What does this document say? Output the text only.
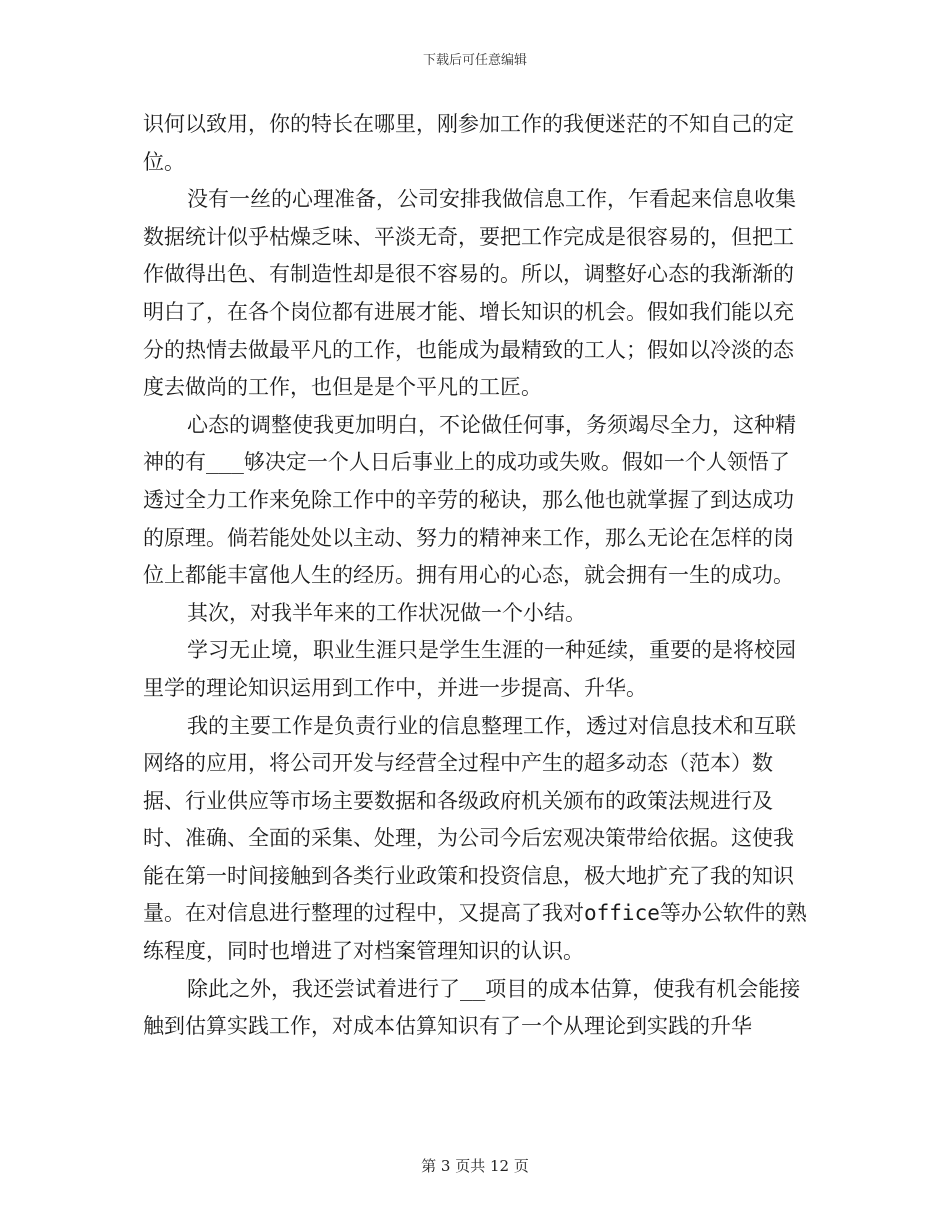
下载后可任意编辑

识何以致用，你的特长在哪里，刚参加工作的我便迷茫的不知自己的定位。

没有一丝的心理准备，公司安排我做信息工作，乍看起来信息收集数据统计似乎枯燥乏味、平淡无奇，要把工作完成是很容易的，但把工作做得出色、有制造性却是很不容易的。所以，调整好心态的我渐渐的明白了，在各个岗位都有进展才能、增长知识的机会。假如我们能以充分的热情去做最平凡的工作，也能成为最精致的工人；假如以冷淡的态度去做尚的工作，也但是是个平凡的工匠。

心态的调整使我更加明白，不论做任何事，务须竭尽全力，这种精神的有___够决定一个人日后事业上的成功或失败。假如一个人领悟了透过全力工作来免除工作中的辛劳的秘诀，那么他也就掌握了到达成功的原理。倘若能处处以主动、努力的精神来工作，那么无论在怎样的岗位上都能丰富他人生的经历。拥有用心的心态，就会拥有一生的成功。

其次，对我半年来的工作状况做一个小结。

学习无止境，职业生涯只是学生生涯的一种延续，重要的是将校园里学的理论知识运用到工作中，并进一步提高、升华。

我的主要工作是负责行业的信息整理工作，透过对信息技术和互联网络的应用，将公司开发与经营全过程中产生的超多动态（范本）数据、行业供应等市场主要数据和各级政府机关颁布的政策法规进行及时、准确、全面的采集、处理，为公司今后宏观决策带给依据。这使我能在第一时间接触到各类行业政策和投资信息，极大地扩充了我的知识量。在对信息进行整理的过程中，又提高了我对office等办公软件的熟练程度，同时也增进了对档案管理知识的认识。

除此之外，我还尝试着进行了__项目的成本估算，使我有机会能接触到估算实践工作，对成本估算知识有了一个从理论到实践的升华

第 3 页共 12 页
